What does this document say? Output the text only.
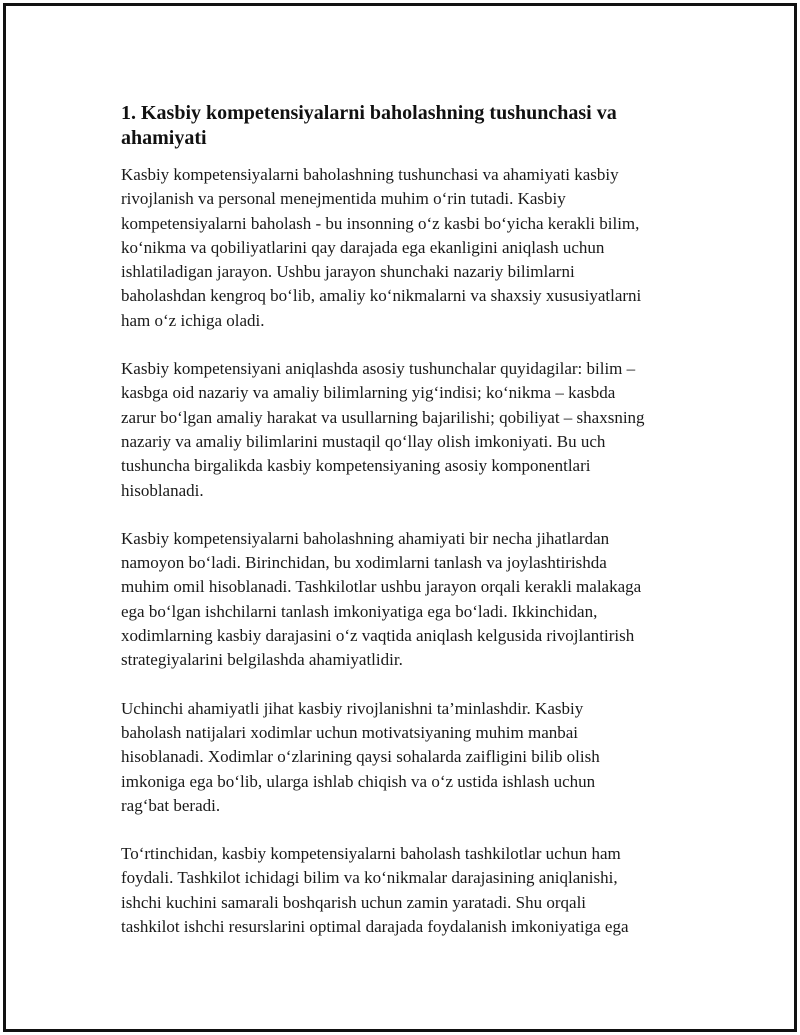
1. Kasbiy kompetensiyalarni baholashning tushunchasi va
ahamiyati

Kasbiy kompetensiyalarni baholashning tushunchasi va ahamiyati kasbiy
rivojlanish va personal menejmentida muhim o‘rin tutadi. Kasbiy
kompetensiyalarni baholash - bu insonning o‘z kasbi bo‘yicha kerakli bilim,
ko‘nikma va qobiliyatlarini qay darajada ega ekanligini aniqlash uchun
ishlatiladigan jarayon. Ushbu jarayon shunchaki nazariy bilimlarni
baholashdan kengroq bo‘lib, amaliy ko‘nikmalarni va shaxsiy xususiyatlarni
ham o‘z ichiga oladi.

Kasbiy kompetensiyani aniqlashda asosiy tushunchalar quyidagilar: bilim –
kasbga oid nazariy va amaliy bilimlarning yig‘indisi; ko‘nikma – kasbda
zarur bo‘lgan amaliy harakat va usullarning bajarilishi; qobiliyat – shaxsning
nazariy va amaliy bilimlarini mustaqil qo‘llay olish imkoniyati. Bu uch
tushuncha birgalikda kasbiy kompetensiyaning asosiy komponentlari
hisoblanadi.

Kasbiy kompetensiyalarni baholashning ahamiyati bir necha jihatlardan
namoyon bo‘ladi. Birinchidan, bu xodimlarni tanlash va joylashtirishda
muhim omil hisoblanadi. Tashkilotlar ushbu jarayon orqali kerakli malakaga
ega bo‘lgan ishchilarni tanlash imkoniyatiga ega bo‘ladi. Ikkinchidan,
xodimlarning kasbiy darajasini o‘z vaqtida aniqlash kelgusida rivojlantirish
strategiyalarini belgilashda ahamiyatlidir.

Uchinchi ahamiyatli jihat kasbiy rivojlanishni ta’minlashdir. Kasbiy
baholash natijalari xodimlar uchun motivatsiyaning muhim manbai
hisoblanadi. Xodimlar o‘zlarining qaysi sohalarda zaifligini bilib olish
imkoniga ega bo‘lib, ularga ishlab chiqish va o‘z ustida ishlash uchun
rag‘bat beradi.

To‘rtinchidan, kasbiy kompetensiyalarni baholash tashkilotlar uchun ham
foydali. Tashkilot ichidagi bilim va ko‘nikmalar darajasining aniqlanishi,
ishchi kuchini samarali boshqarish uchun zamin yaratadi. Shu orqali
tashkilot ishchi resurslarini optimal darajada foydalanish imkoniyatiga ega
